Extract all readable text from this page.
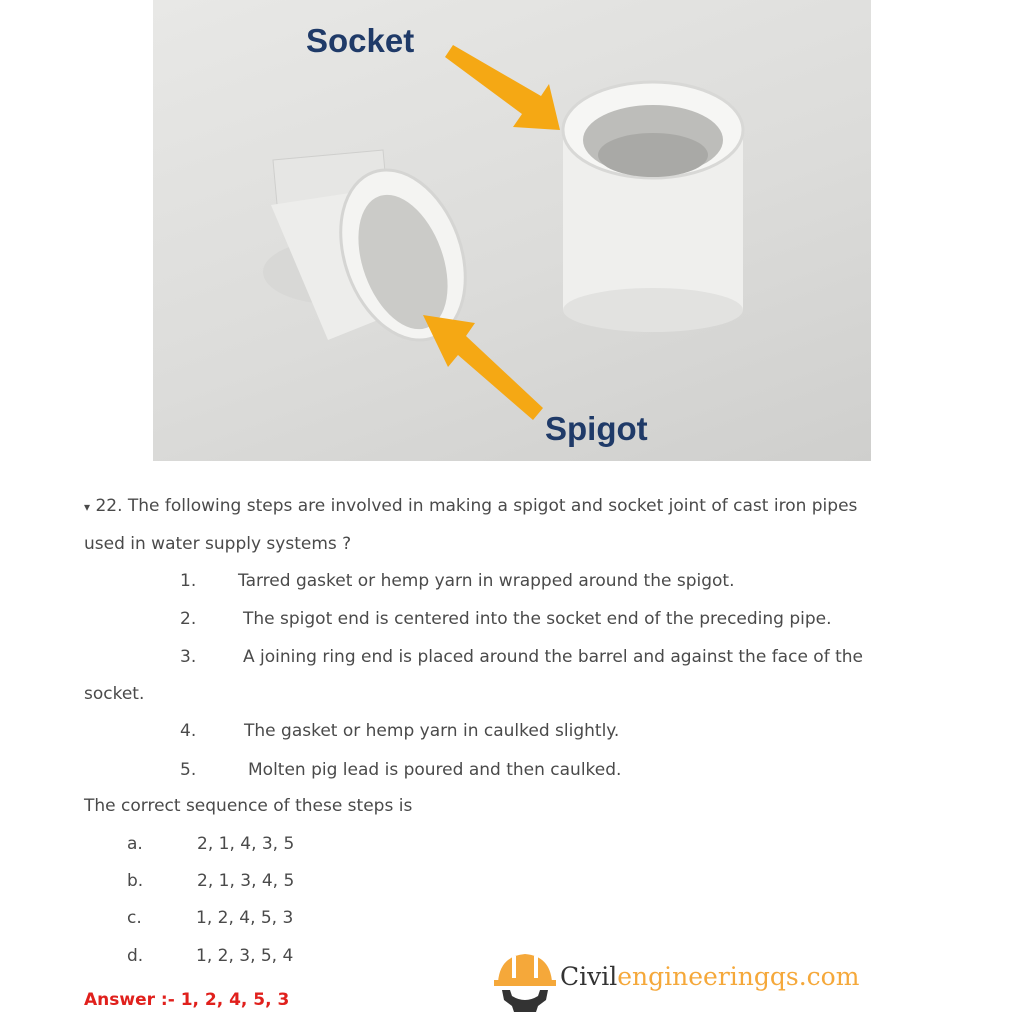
Socket
Spigot
▾ 22. The following steps are involved in making a spigot and socket joint of cast iron pipes
used in water supply systems ?
1. Tarred gasket or hemp yarn in wrapped around the spigot.
2.	The spigot end is centered into the socket end of the preceding pipe.
3.	A joining ring end is placed around the barrel and against the face of the
socket.
4.	The gasket or hemp yarn in caulked slightly.
5.	Molten pig lead is poured and then caulked.
The correct sequence of these steps is
a.	2, 1, 4, 3, 5
b.	2, 1, 3, 4, 5
c.	1, 2, 4, 5, 3
d.	1, 2, 3, 5, 4
Answer :- 1, 2, 4, 5, 3
Civilengineeringqs.com
